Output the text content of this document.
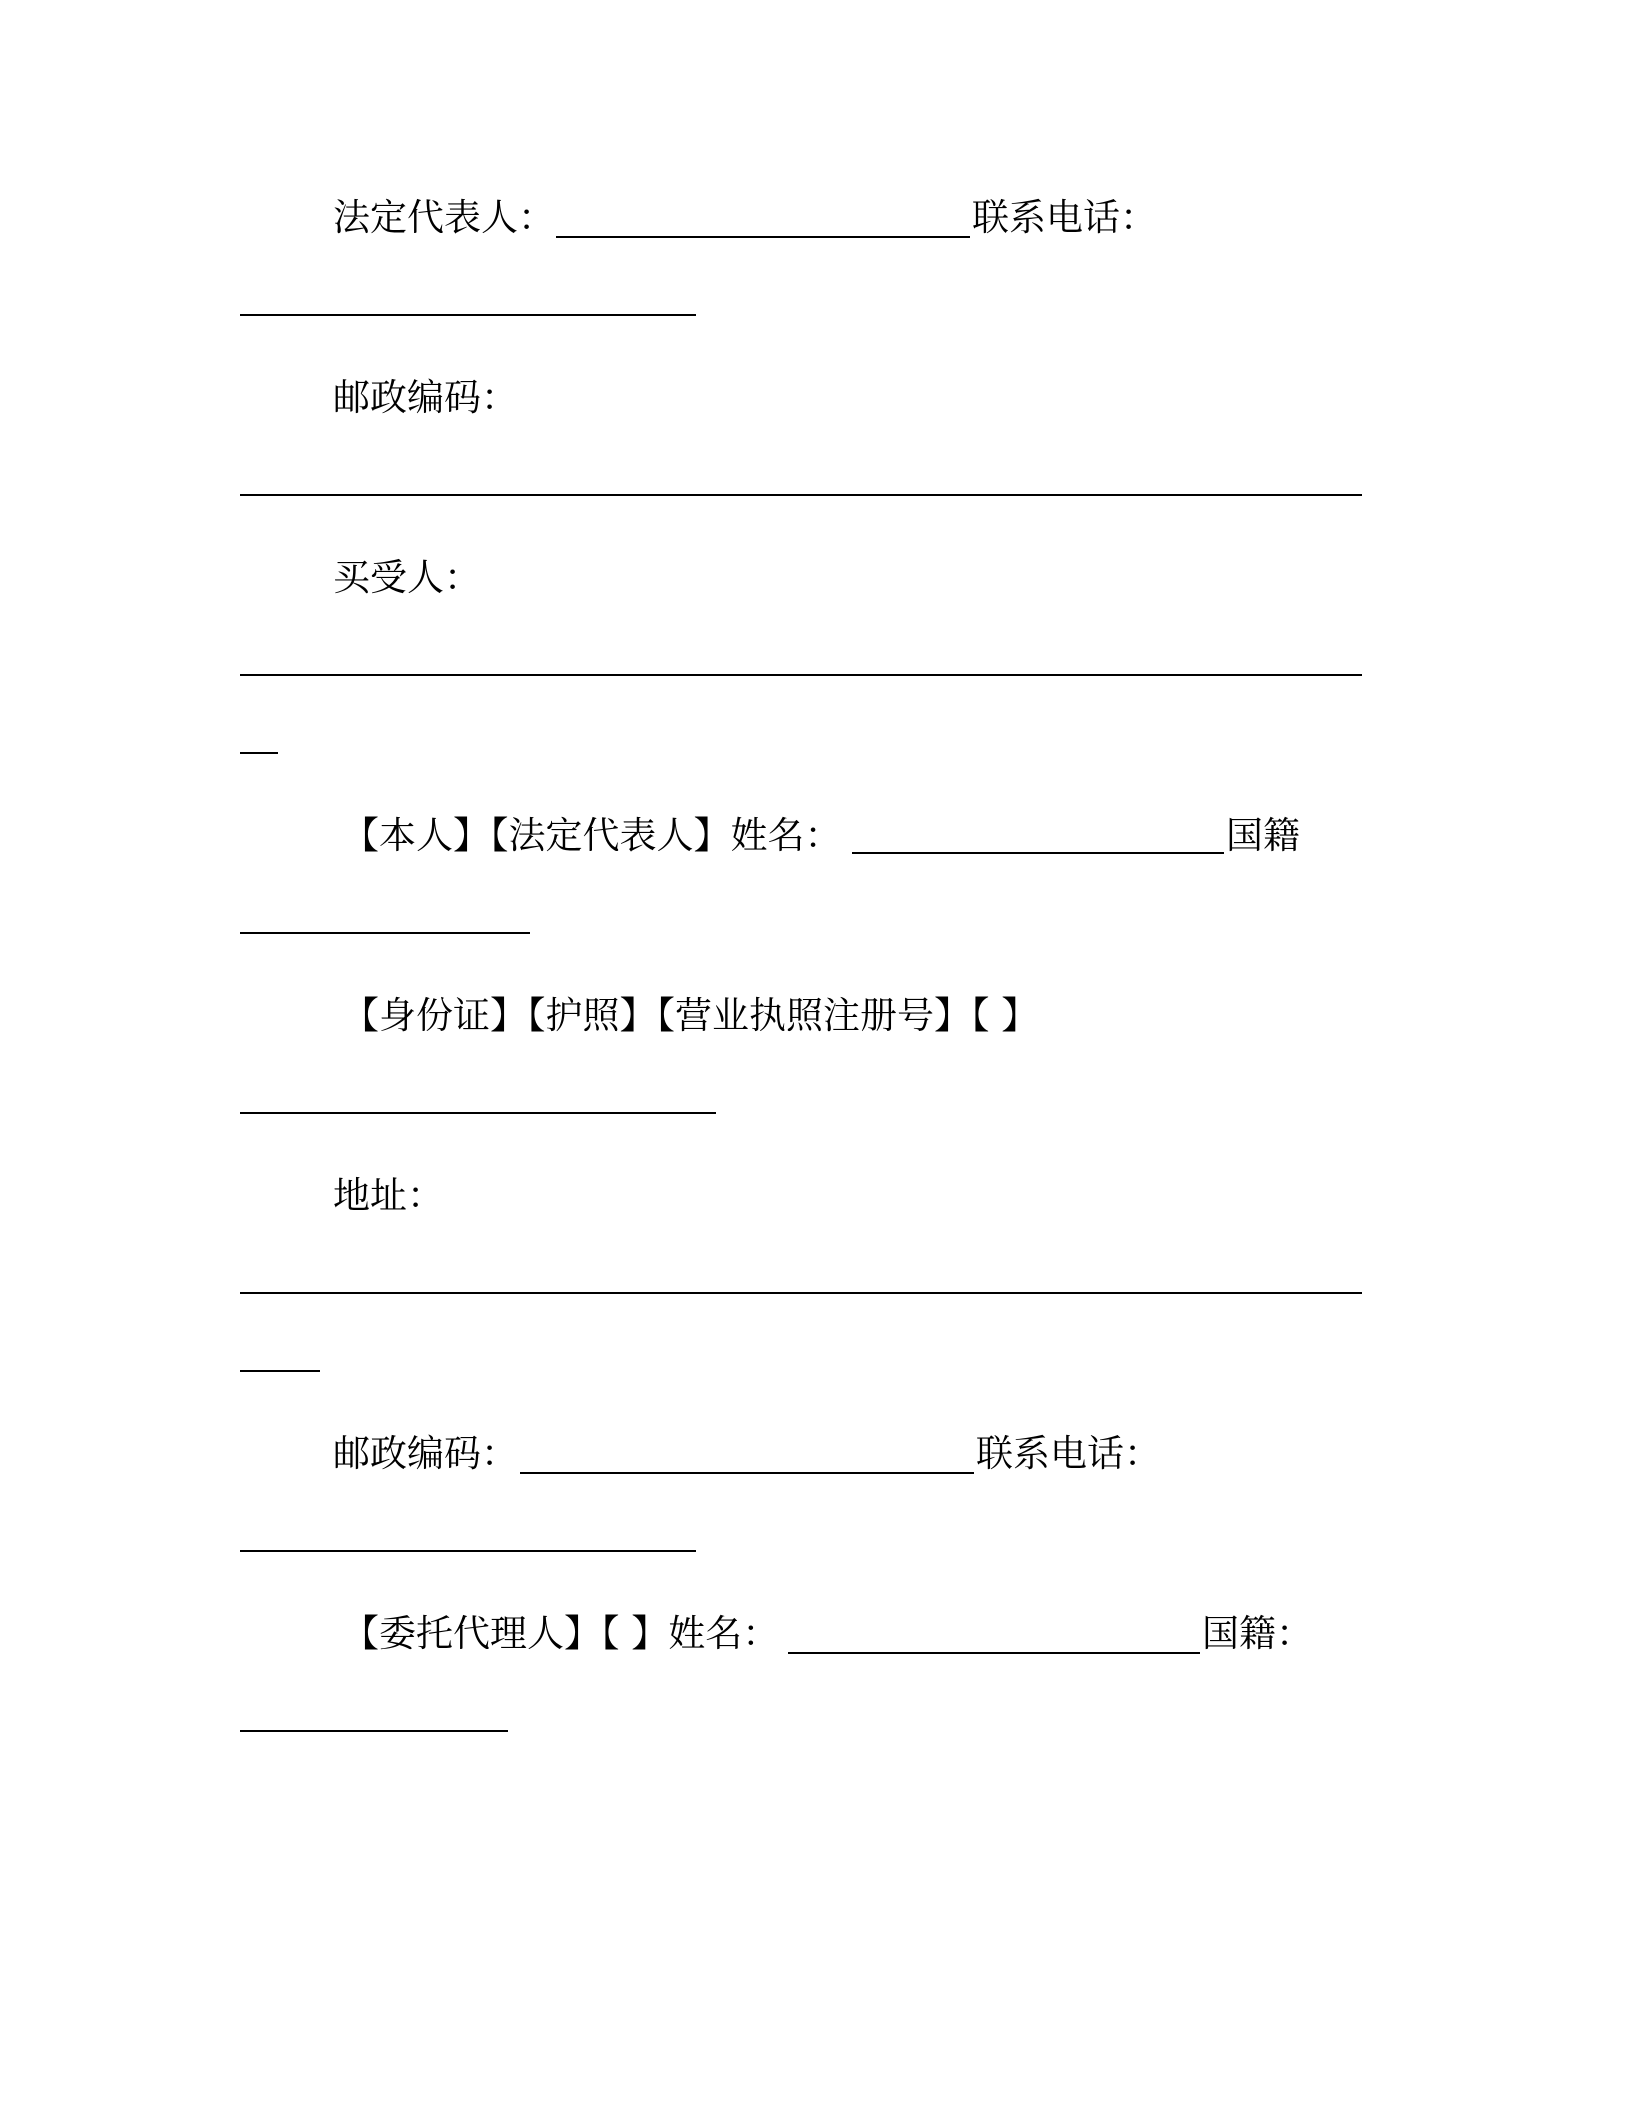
法定代表人：	联系电话：
邮政编码：
买受人：
【本人】【法定代表人】姓名：	国籍
【身份证】【护照】【营业执照注册号】【 】
地址：
邮政编码：	联系电话：
【委托代理人】【 】姓名：	国籍：
